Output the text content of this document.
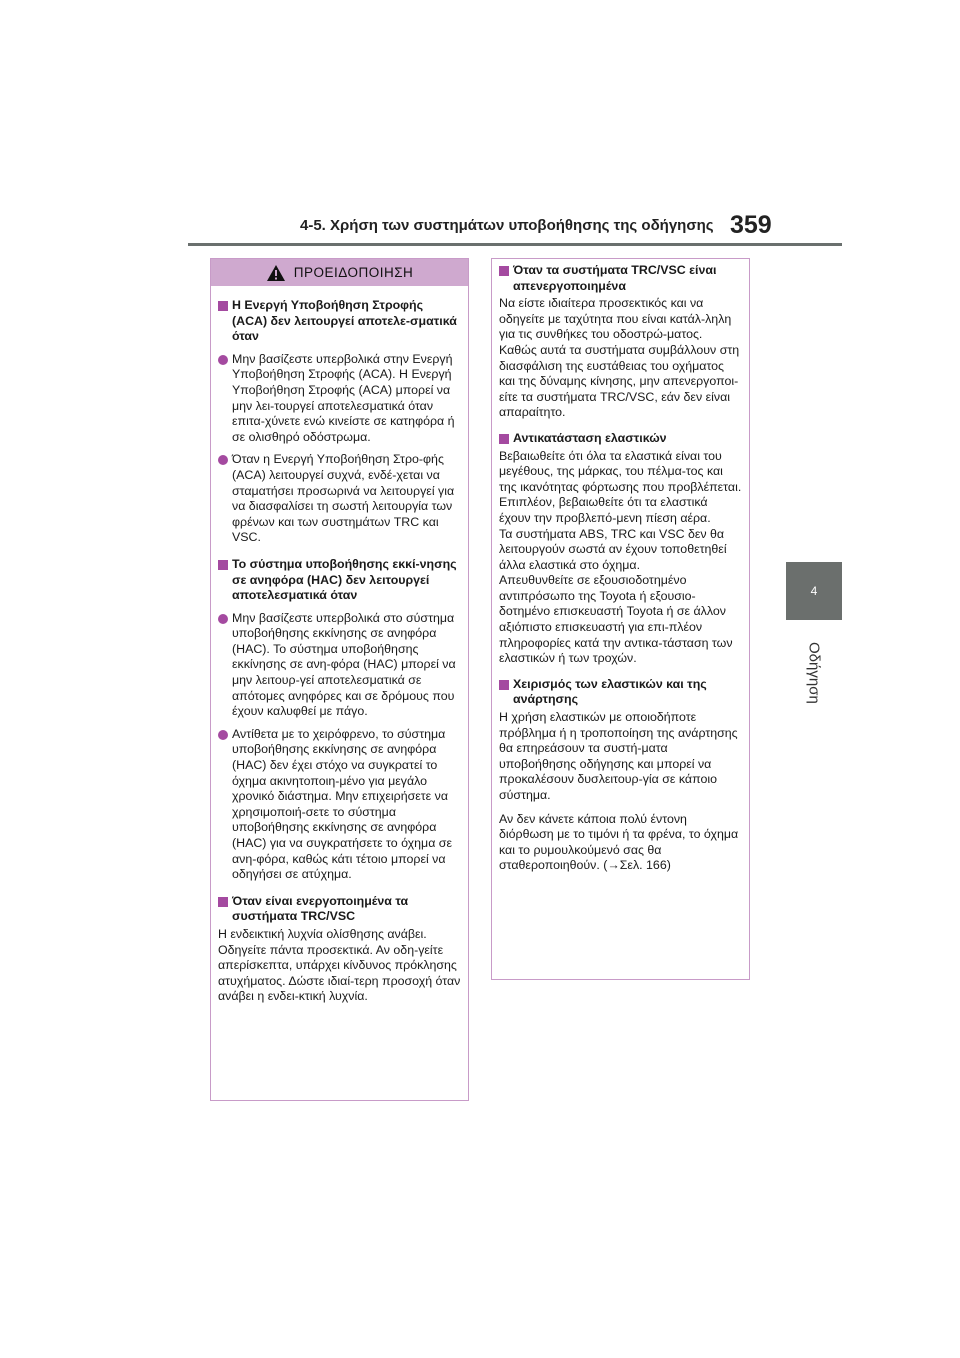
4-5. Χρήση των συστημάτων υποβοήθησης της οδήγησης 359
4
Οδήγηση
ΠΡΟΕΙΔΟΠΟΙΗΣΗ
Η Ενεργή Υποβοήθηση Στροφής (ACA) δεν λειτουργεί αποτελε-σματικά όταν
Μην βασίζεστε υπερβολικά στην Ενεργή Υποβοήθηση Στροφής (ACA). Η Ενεργή Υποβοήθηση Στροφής (ACA) μπορεί να μην λει-τουργεί αποτελεσματικά όταν επιτα-χύνετε ενώ κινείστε σε κατηφόρα ή σε ολισθηρό οδόστρωμα.
Όταν η Ενεργή Υποβοήθηση Στρο-φής (ACA) λειτουργεί συχνά, ενδέ-χεται να σταματήσει προσωρινά να λειτουργεί για να διασφαλίσει τη σωστή λειτουργία των φρένων και των συστημάτων TRC και VSC.
Το σύστημα υποβοήθησης εκκί-νησης σε ανηφόρα (HAC) δεν λειτουργεί αποτελεσματικά όταν
Μην βασίζεστε υπερβολικά στο σύστημα υποβοήθησης εκκίνησης σε ανηφόρα (HAC). Το σύστημα υποβοήθησης εκκίνησης σε ανη-φόρα (HAC) μπορεί να μην λειτουρ-γεί αποτελεσματικά σε απότομες ανηφόρες και σε δρόμους που έχουν καλυφθεί με πάγο.
Αντίθετα με το χειρόφρενο, το σύστημα υποβοήθησης εκκίνησης σε ανηφόρα (HAC) δεν έχει στόχο να συγκρατεί το όχημα ακινητοποιη-μένο για μεγάλο χρονικό διάστημα. Μην επιχειρήσετε να χρησιμοποιή-σετε το σύστημα υποβοήθησης εκκίνησης σε ανηφόρα (HAC) για να συγκρατήσετε το όχημα σε ανη-φόρα, καθώς κάτι τέτοιο μπορεί να οδηγήσει σε ατύχημα.
Όταν είναι ενεργοποιημένα τα συστήματα TRC/VSC
Η ενδεικτική λυχνία ολίσθησης ανάβει. Οδηγείτε πάντα προσεκτικά. Αν οδη-γείτε απερίσκεπτα, υπάρχει κίνδυνος πρόκλησης ατυχήματος. Δώστε ιδιαί-τερη προσοχή όταν ανάβει η ενδει-κτική λυχνία.
Όταν τα συστήματα TRC/VSC είναι απενεργοποιημένα
Να είστε ιδιαίτερα προσεκτικός και να οδηγείτε με ταχύτητα που είναι κατάλ-ληλη για τις συνθήκες του οδοστρώ-ματος. Καθώς αυτά τα συστήματα συμβάλλουν στη διασφάλιση της ευστάθειας του οχήματος και της δύναμης κίνησης, μην απενεργοποι-είτε τα συστήματα TRC/VSC, εάν δεν είναι απαραίτητο.
Αντικατάσταση ελαστικών
Βεβαιωθείτε ότι όλα τα ελαστικά είναι του μεγέθους, της μάρκας, του πέλμα-τος και της ικανότητας φόρτωσης που προβλέπεται. Επιπλέον, βεβαιωθείτε ότι τα ελαστικά έχουν την προβλεπό-μενη πίεση αέρα.
Τα συστήματα ABS, TRC και VSC δεν θα λειτουργούν σωστά αν έχουν τοποθετηθεί άλλα ελαστικά στο όχημα.
Απευθυνθείτε σε εξουσιοδοτημένο αντιπρόσωπο της Toyota ή εξουσιο-δοτημένο επισκευαστή Toyota ή σε άλλον αξιόπιστο επισκευαστή για επι-πλέον πληροφορίες κατά την αντικα-τάσταση των ελαστικών ή των τροχών.
Χειρισμός των ελαστικών και της ανάρτησης
Η χρήση ελαστικών με οποιοδήποτε πρόβλημα ή η τροποποίηση της ανάρτησης θα επηρεάσουν τα συστή-ματα υποβοήθησης οδήγησης και μπορεί να προκαλέσουν δυσλειτουρ-γία σε κάποιο σύστημα.
Αν δεν κάνετε κάποια πολύ έντονη διόρθωση με το τιμόνι ή τα φρένα, το όχημα και το ρυμουλκούμενό σας θα σταθεροποιηθούν. (→Σελ. 166)
